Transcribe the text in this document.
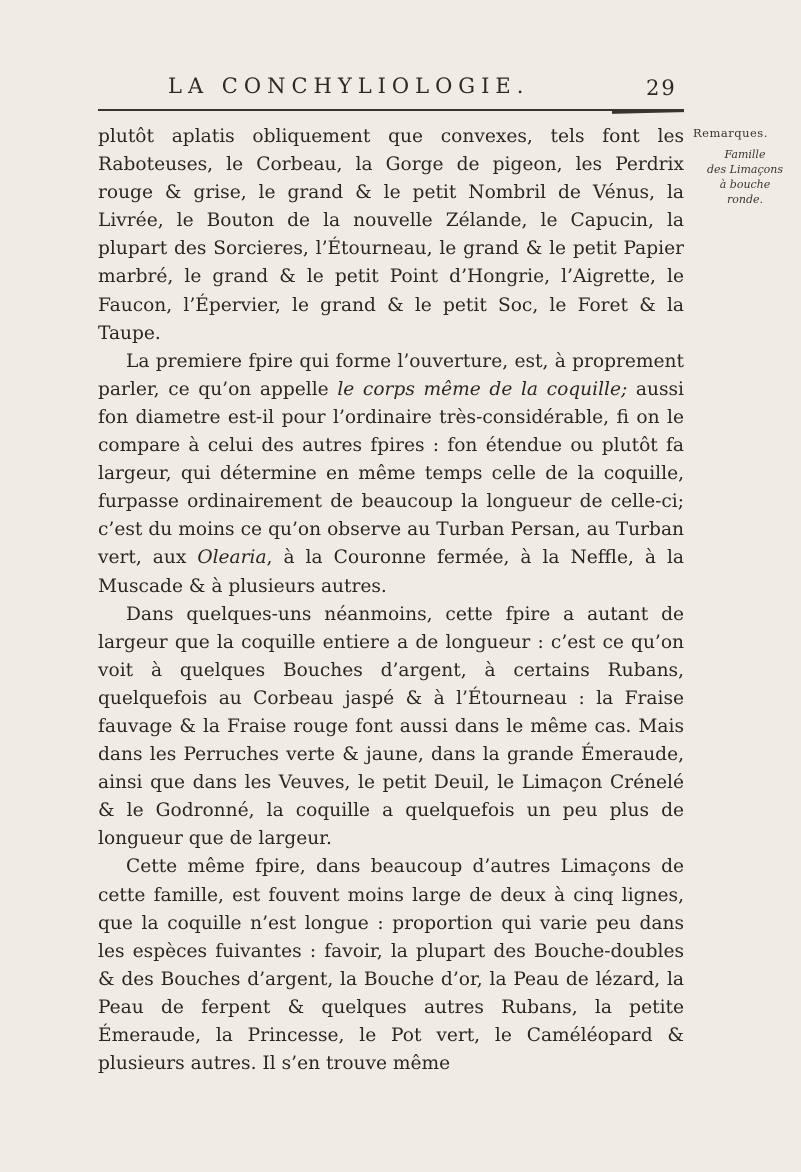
LA CONCHYLIOLOGIE.	29
Remarques.
Famille
des Limaçons
à bouche
ronde.

plutôt aplatis obliquement que convexes, tels font les Raboteuses, le Corbeau, la Gorge de pigeon, les Perdrix rouge & grise, le grand & le petit Nombril de Vénus, la Livrée, le Bouton de la nouvelle Zélande, le Capucin, la plupart des Sorcieres, l’Étourneau, le grand & le petit Papier marbré, le grand & le petit Point d’Hongrie, l’Aigrette, le Faucon, l’Épervier, le grand & le petit Soc, le Foret & la Taupe.

La premiere fpire qui forme l’ouverture, est, à proprement parler, ce qu’on appelle le corps même de la coquille; aussi fon diametre est-il pour l’ordinaire très-considérable, fi on le compare à celui des autres fpires : fon étendue ou plutôt fa largeur, qui détermine en même temps celle de la coquille, furpasse ordinairement de beaucoup la longueur de celle-ci; c’est du moins ce qu’on observe au Turban Persan, au Turban vert, aux Olearia, à la Couronne fermée, à la Neffle, à la Muscade & à plusieurs autres.

Dans quelques-uns néanmoins, cette fpire a autant de largeur que la coquille entiere a de longueur : c’est ce qu’on voit à quelques Bouches d’argent, à certains Rubans, quelquefois au Corbeau jaspé & à l’Étourneau : la Fraise fauvage & la Fraise rouge font aussi dans le même cas. Mais dans les Perruches verte & jaune, dans la grande Émeraude, ainsi que dans les Veuves, le petit Deuil, le Limaçon Crénelé & le Godronné, la coquille a quelquefois un peu plus de longueur que de largeur.

Cette même fpire, dans beaucoup d’autres Limaçons de cette famille, est fouvent moins large de deux à cinq lignes, que la coquille n’est longue : proportion qui varie peu dans les espèces fuivantes : favoir, la plupart des Bouche-doubles & des Bouches d’argent, la Bouche d’or, la Peau de lézard, la Peau de ferpent & quelques autres Rubans, la petite Émeraude, la Princesse, le Pot vert, le Caméléopard & plusieurs autres. Il s’en trouve même
